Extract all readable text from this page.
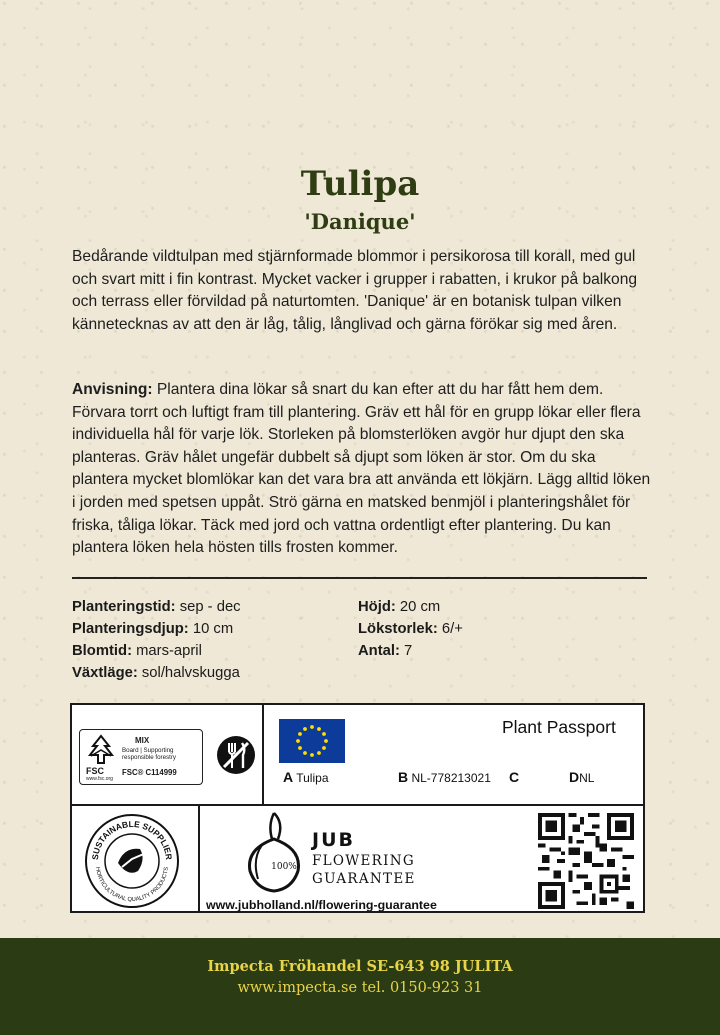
Tulipa
'Danique'
Bedårande vildtulpan med stjärnformade blommor i persikorosa till korall, med gul och svart mitt i fin kontrast. Mycket vacker i grupper i rabatten, i krukor på balkong och terrass eller förvildad på naturtomten. 'Danique' är en botanisk tulpan vilken kännetecknas av att den är låg, tålig, långlivad och gärna förökar sig med åren.
Anvisning: Plantera dina lökar så snart du kan efter att du har fått hem dem. Förvara torrt och luftigt fram till plantering. Gräv ett hål för en grupp lökar eller flera individuella hål för varje lök. Storleken på blomsterlöken avgör hur djupt den ska planteras. Gräv hålet ungefär dubbelt så djupt som löken är stor. Om du ska plantera mycket blomlökar kan det vara bra att använda ett lökjärn. Lägg alltid löken i jorden med spetsen uppåt. Strö gärna en matsked benmjöl i planteringshålet för friska, tåliga lökar. Täck med jord och vattna ordentligt efter plantering. Du kan plantera löken hela hösten tills frosten kommer.
Planteringstid: sep - dec
Planteringsdjup: 10 cm
Blomtid: mars-april
Växtläge: sol/halvskugga
Höjd: 20 cm
Lökstorlek: 6/+
Antal: 7
FSC
www.fsc.org
MIX
Board | Supporting
responsible forestry
FSC® C114999
Plant Passport
A Tulipa	B NL-778213021 C	DNL
SUSTAINABLE SUPPLIER
HORTICULTURAL QUALITY PRODUCTS	100%
JUB
FLOWERING
GUARANTEE
www.jubholland.nl/flowering-guarantee
Impecta Fröhandel SE-643 98 JULITA
www.impecta.se tel. 0150-923 31
